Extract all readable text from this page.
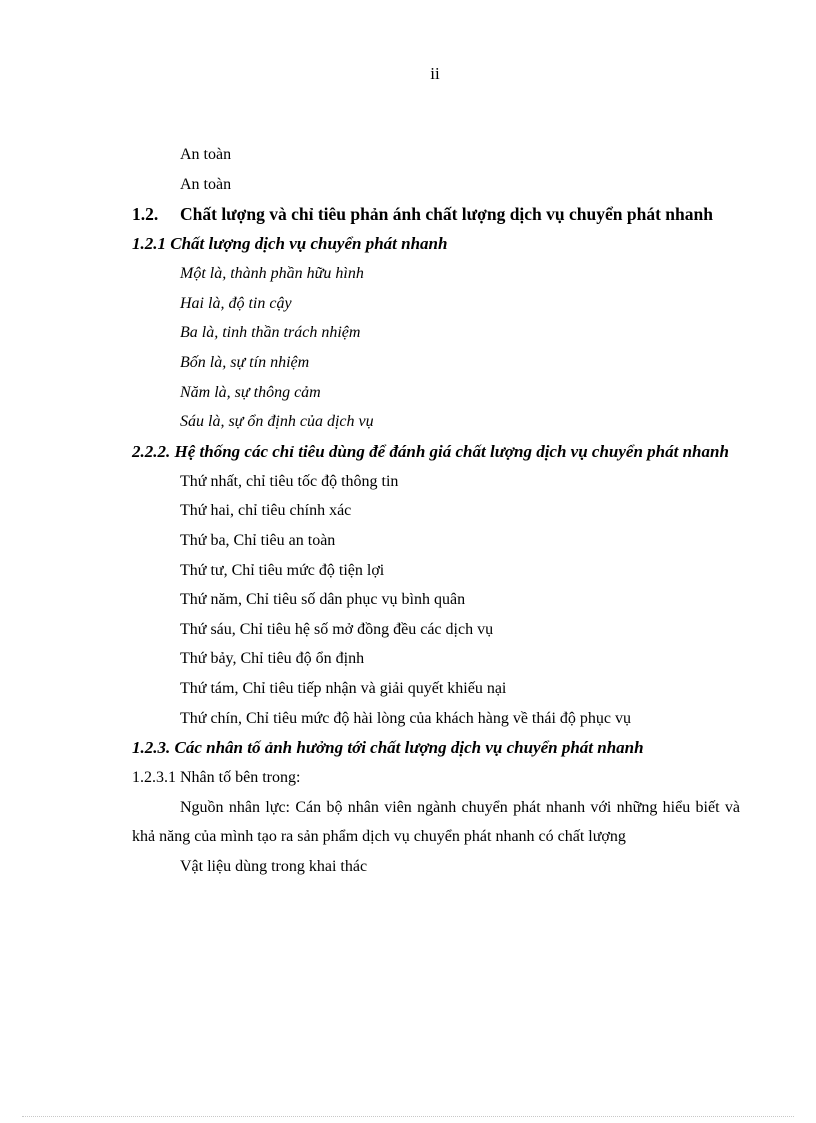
ii
An toàn
An toàn
1.2.	Chất lượng và chỉ tiêu phản ánh chất lượng dịch vụ chuyển phát nhanh
1.2.1 Chất lượng dịch vụ chuyển phát nhanh
Một là, thành phần hữu hình
Hai là, độ tin cậy
Ba là, tinh thần trách nhiệm
Bốn là, sự tín nhiệm
Năm là, sự thông cảm
Sáu là, sự ổn định của dịch vụ
2.2.2. Hệ thống các chỉ tiêu dùng để đánh giá chất lượng dịch vụ chuyển phát nhanh
Thứ nhất, chỉ tiêu tốc độ thông tin
Thứ hai, chỉ tiêu chính xác
Thứ ba, Chỉ tiêu an toàn
Thứ tư, Chỉ tiêu mức độ tiện lợi
Thứ năm, Chỉ tiêu số dân phục vụ bình quân
Thứ sáu, Chỉ tiêu hệ số mở đồng đều các dịch vụ
Thứ bảy, Chỉ tiêu độ ổn định
Thứ tám, Chỉ tiêu tiếp nhận và giải quyết khiếu nại
Thứ chín, Chỉ tiêu mức độ hài lòng của khách hàng về thái độ phục vụ
1.2.3. Các nhân tố ảnh hưởng tới chất lượng dịch vụ chuyển phát nhanh
1.2.3.1 Nhân tố bên trong:
Nguồn nhân lực: Cán bộ nhân viên ngành chuyển phát nhanh với những hiểu biết và khả năng của mình tạo ra sản phẩm dịch vụ chuyển phát nhanh có chất lượng
Vật liệu dùng trong khai thác
